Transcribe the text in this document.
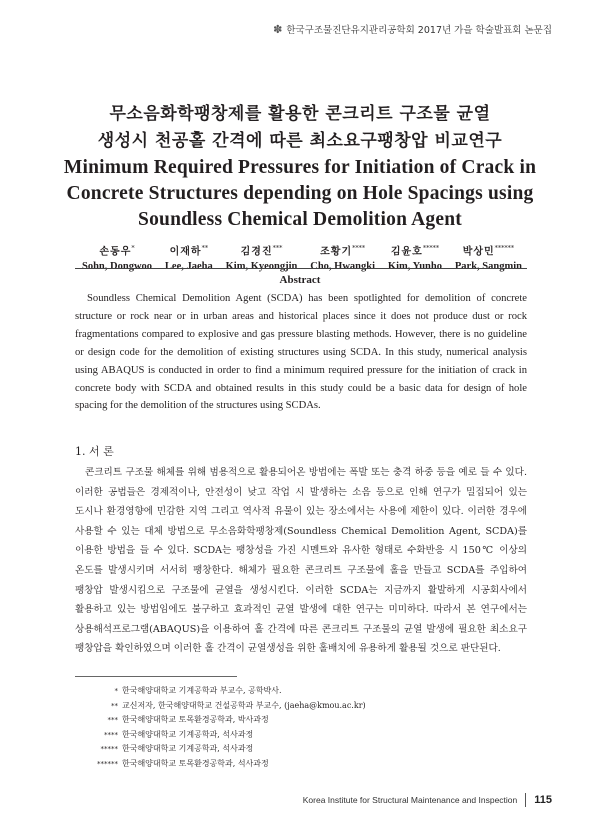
✽ 한국구조물진단유지관리공학회 2017년 가을 학술발표회 논문집
무소음화학팽창제를 활용한 콘크리트 구조물 균열
생성시 천공홀 간격에 따른 최소요구팽창압 비교연구
Minimum Required Pressures for Initiation of Crack in
Concrete Structures depending on Hole Spacings using
Soundless Chemical Demolition Agent
손동우*
Sohn, Dongwoo
이재하**
Lee, Jaeha
김경진***
Kim, Kyeongjin
조황기****
Cho, Hwangki
김윤호*****
Kim, Yunho
박상민******
Park, Sangmin
Abstract

Soundless Chemical Demolition Agent (SCDA) has been spotlighted for demolition of concrete structure or rock near or in urban areas and historical places since it does not produce dust or rock fragmentations compared to explosive and gas pressure blasting methods. However, there is no guideline or design code for the demolition of existing structures using SCDA. In this study, numerical analysis using ABAQUS is conducted in order to find a minimum required pressure for the initiation of crack in concrete body with SCDA and obtained results in this study could be a basic data for design of hole spacing for the demolition of the structures using SCDAs.

1. 서 론

콘크리트 구조물 해체를 위해 범용적으로 활용되어온 방법에는 폭발 또는 충격 하중 등을 예로 들 수 있다. 이러한 공법들은 경제적이나, 안전성이 낮고 작업 시 발생하는 소음 등으로 인해 연구가 밀집되어 있는 도시나 환경영향에 민감한 지역 그리고 역사적 유물이 있는 장소에서는 사용에 제한이 있다. 이러한 경우에 사용할 수 있는 대체 방법으로 무소음화학팽창제(Soundless Chemical Demolition Agent, SCDA)를 이용한 방법을 들 수 있다. SCDA는 팽창성을 가진 시멘트와 유사한 형태로 수화반응 시 150℃ 이상의 온도를 발생시키며 서서히 팽창한다. 해체가 필요한 콘크리트 구조물에 홀을 만들고 SCDA를 주입하여 팽창압 발생시킴으로 구조물에 균열을 생성시킨다. 이러한 SCDA는 지금까지 활발하게 시공회사에서 활용하고 있는 방법임에도 불구하고 효과적인 균열 발생에 대한 연구는 미미하다. 따라서 본 연구에서는 상용해석프로그램(ABAQUS)을 이용하여 홀 간격에 따른 콘크리트 구조물의 균열 발생에 필요한 최소요구 팽창압을 확인하였으며 이러한 홀 간격이 균열생성을 위한 홀배치에 유용하게 활용될 것으로 판단된다.

* 한국해양대학교 기계공학과 부교수, 공학박사.
** 교신저자, 한국해양대학교 건설공학과 부교수, (jaeha@kmou.ac.kr)
*** 한국해양대학교 토목환경공학과, 박사과정
**** 한국해양대학교 기계공학과, 석사과정
***** 한국해양대학교 기계공학과, 석사과정
****** 한국해양대학교 토목환경공학과, 석사과정
Korea Institute for Structural Maintenance and Inspection 115
